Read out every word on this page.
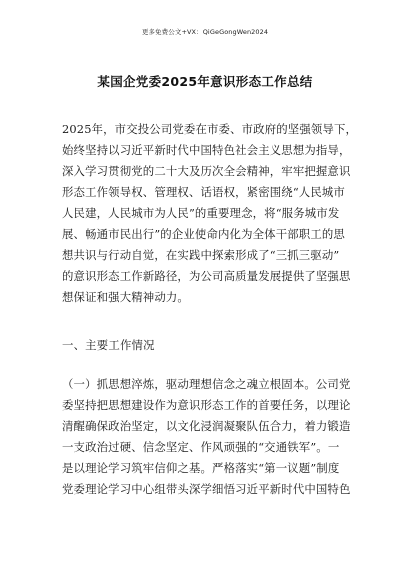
更多免费公文+VX：QiGeGongWen2024
某国企党委2025年意识形态工作总结
2025年，市交投公司党委在市委、市政府的坚强领导下，
始终坚持以习近平新时代中国特色社会主义思想为指导，
深入学习贯彻党的二十大及历次全会精神，牢牢把握意识
形态工作领导权、管理权、话语权，紧密围绕“人民城市
人民建，人民城市为人民”的重要理念，将“服务城市发
展、畅通市民出行”的企业使命内化为全体干部职工的思
想共识与行动自觉，在实践中探索形成了“三抓三驱动”
的意识形态工作新路径，为公司高质量发展提供了坚强思
想保证和强大精神动力。
一、主要工作情况
（一）抓思想淬炼，驱动理想信念之魂立根固本。公司党
委坚持把思想建设作为意识形态工作的首要任务，以理论
清醒确保政治坚定，以文化浸润凝聚队伍合力，着力锻造
一支政治过硬、信念坚定、作风顽强的“交通铁军”。一
是以理论学习筑牢信仰之基。严格落实“第一议题”制度
党委理论学习中心组带头深学细悟习近平新时代中国特色
